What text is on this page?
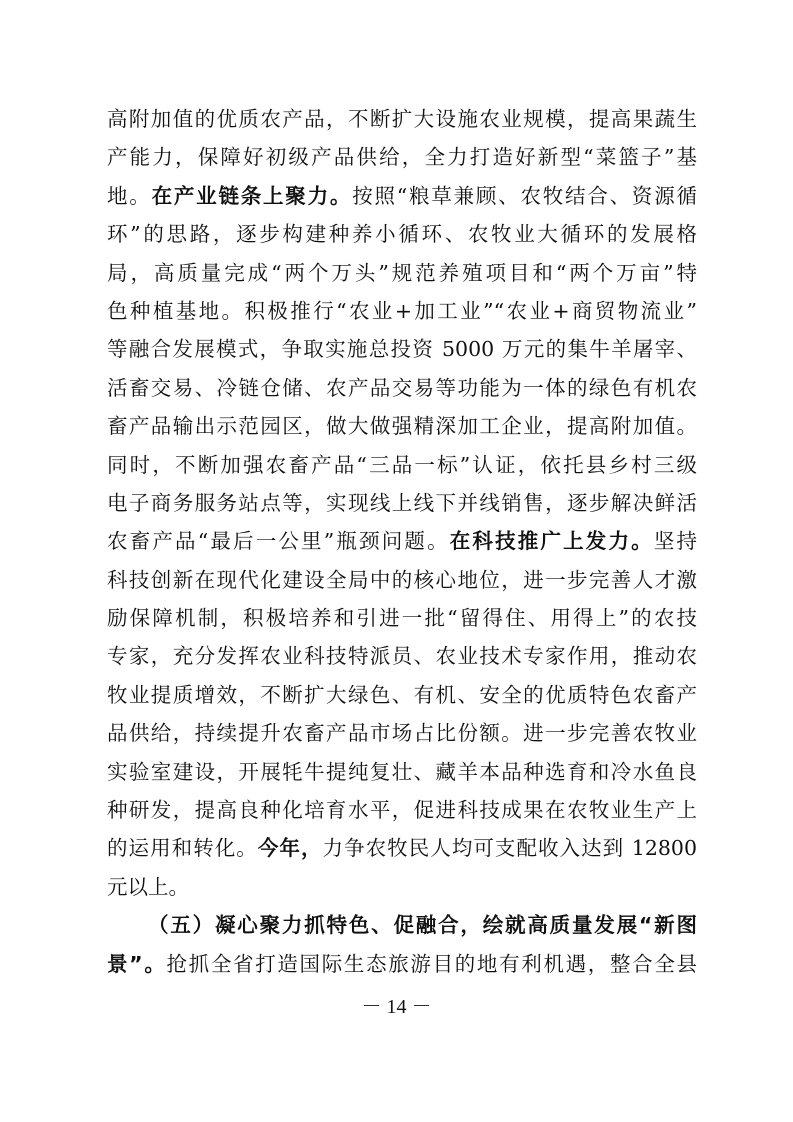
高附加值的优质农产品，不断扩大设施农业规模，提高果蔬生
产能力，保障好初级产品供给，全力打造好新型“菜篮子”基
地。在产业链条上聚力。按照“粮草兼顾、农牧结合、资源循
环”的思路，逐步构建种养小循环、农牧业大循环的发展格
局，高质量完成“两个万头”规范养殖项目和“两个万亩”特
色种植基地。积极推行“农业+加工业”“农业+商贸物流业”
等融合发展模式，争取实施总投资 5000 万元的集牛羊屠宰、
活畜交易、冷链仓储、农产品交易等功能为一体的绿色有机农
畜产品输出示范园区，做大做强精深加工企业，提高附加值。
同时，不断加强农畜产品“三品一标”认证，依托县乡村三级
电子商务服务站点等，实现线上线下并线销售，逐步解决鲜活
农畜产品“最后一公里”瓶颈问题。在科技推广上发力。坚持
科技创新在现代化建设全局中的核心地位，进一步完善人才激
励保障机制，积极培养和引进一批“留得住、用得上”的农技
专家，充分发挥农业科技特派员、农业技术专家作用，推动农
牧业提质增效，不断扩大绿色、有机、安全的优质特色农畜产
品供给，持续提升农畜产品市场占比份额。进一步完善农牧业
实验室建设，开展牦牛提纯复壮、藏羊本品种选育和冷水鱼良
种研发，提高良种化培育水平，促进科技成果在农牧业生产上
的运用和转化。今年，力争农牧民人均可支配收入达到 12800
元以上。
（五）凝心聚力抓特色、促融合，绘就高质量发展“新图
景”。抢抓全省打造国际生态旅游目的地有利机遇，整合全县
－ 14 －
